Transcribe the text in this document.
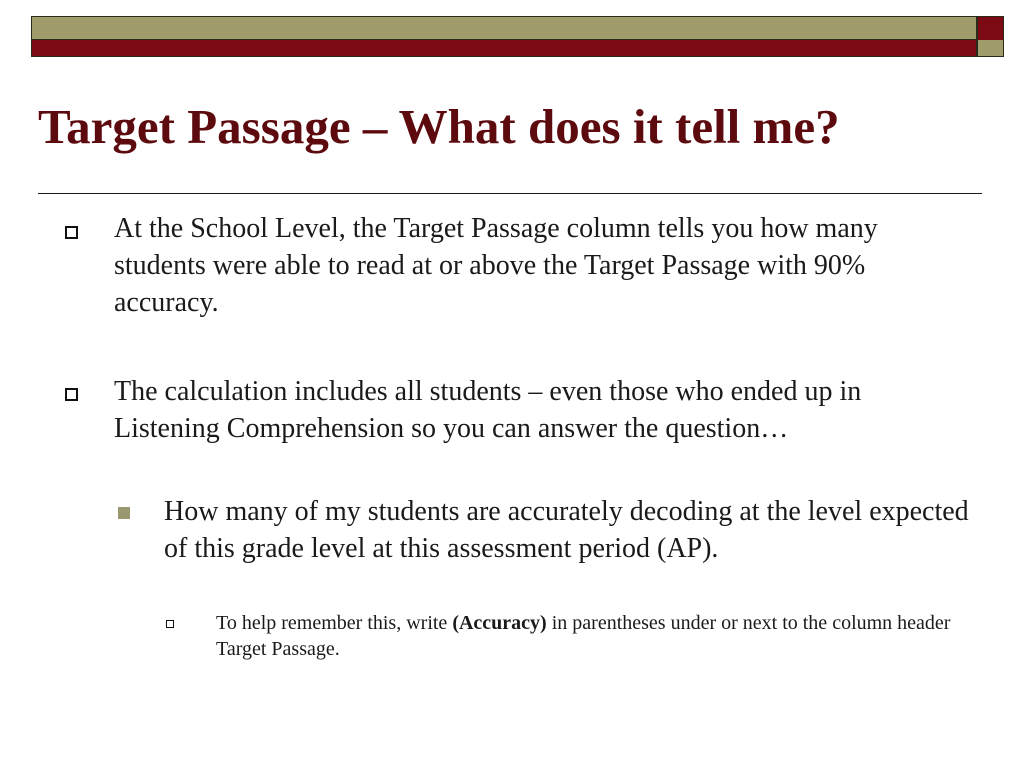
Target Passage – What does it tell me?
At the School Level, the Target Passage column tells you how many students were able to read at or above the Target Passage with 90% accuracy.
The calculation includes all students – even those who ended up in Listening Comprehension so you can answer the question…
How many of my students are accurately decoding at the level expected of this grade level at this assessment period (AP).
To help remember this, write (Accuracy) in parentheses under or next to the column header Target Passage.
